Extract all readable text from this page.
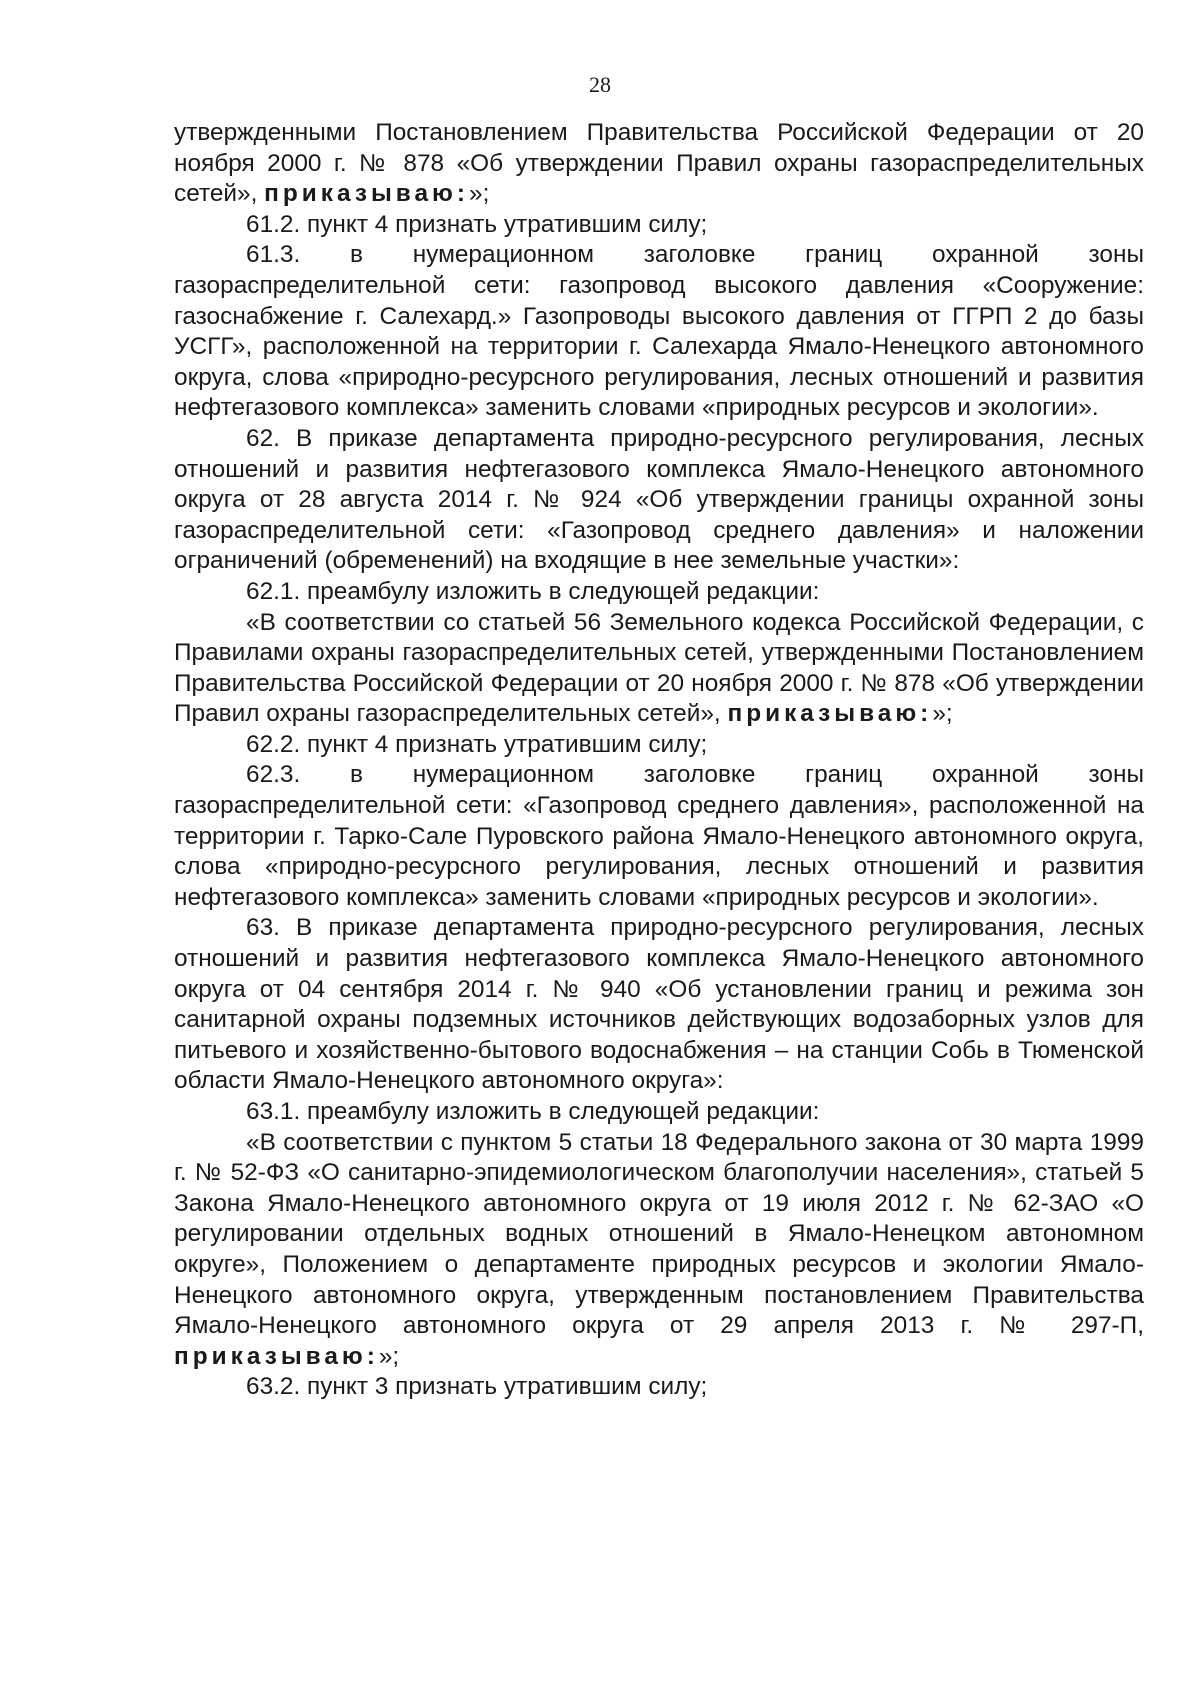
28

утвержденными Постановлением Правительства Российской Федерации от 20 ноября 2000 г. № 878 «Об утверждении Правил охраны газораспределительных сетей», приказываю:»;

61.2. пункт 4 признать утратившим силу;

61.3. в нумерационном заголовке границ охранной зоны газораспределительной сети: газопровод высокого давления «Сооружение: газоснабжение г. Салехард.» Газопроводы высокого давления от ГГРП 2 до базы УСГГ», расположенной на территории г. Салехарда Ямало-Ненецкого автономного округа, слова «природно-ресурсного регулирования, лесных отношений и развития нефтегазового комплекса» заменить словами «природных ресурсов и экологии».

62. В приказе департамента природно-ресурсного регулирования, лесных отношений и развития нефтегазового комплекса Ямало-Ненецкого автономного округа от 28 августа 2014 г. № 924 «Об утверждении границы охранной зоны газораспределительной сети: «Газопровод среднего давления» и наложении ограничений (обременений) на входящие в нее земельные участки»:

62.1. преамбулу изложить в следующей редакции:

«В соответствии со статьей 56 Земельного кодекса Российской Федерации, с Правилами охраны газораспределительных сетей, утвержденными Постановлением Правительства Российской Федерации от 20 ноября 2000 г. № 878 «Об утверждении Правил охраны газораспределительных сетей», приказываю:»;

62.2. пункт 4 признать утратившим силу;

62.3. в нумерационном заголовке границ охранной зоны газораспределительной сети: «Газопровод среднего давления», расположенной на территории г. Тарко-Сале Пуровского района Ямало-Ненецкого автономного округа, слова «природно-ресурсного регулирования, лесных отношений и развития нефтегазового комплекса» заменить словами «природных ресурсов и экологии».

63. В приказе департамента природно-ресурсного регулирования, лесных отношений и развития нефтегазового комплекса Ямало-Ненецкого автономного округа от 04 сентября 2014 г. № 940 «Об установлении границ и режима зон санитарной охраны подземных источников действующих водозаборных узлов для питьевого и хозяйственно-бытового водоснабжения – на станции Собь в Тюменской области Ямало-Ненецкого автономного округа»:

63.1. преамбулу изложить в следующей редакции:

«В соответствии с пунктом 5 статьи 18 Федерального закона от 30 марта 1999 г. № 52-ФЗ «О санитарно-эпидемиологическом благополучии населения», статьей 5 Закона Ямало-Ненецкого автономного округа от 19 июля 2012 г. № 62-ЗАО «О регулировании отдельных водных отношений в Ямало-Ненецком автономном округе», Положением о департаменте природных ресурсов и экологии Ямало-Ненецкого автономного округа, утвержденным постановлением Правительства Ямало-Ненецкого автономного округа от 29 апреля 2013 г. № 297-П, приказываю:»;

63.2. пункт 3 признать утратившим силу;
